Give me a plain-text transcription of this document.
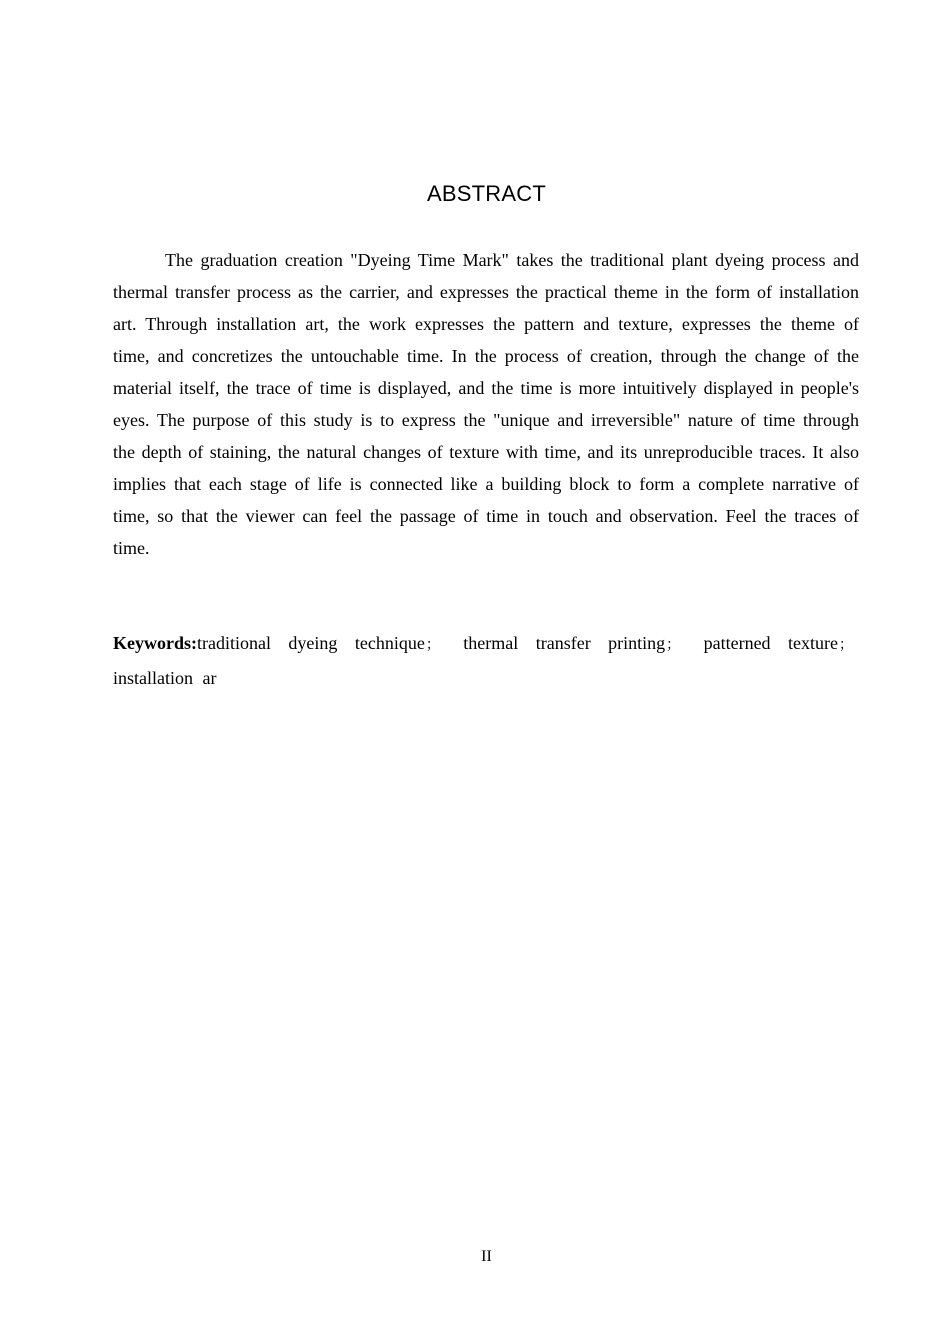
ABSTRACT

The graduation creation "Dyeing Time Mark" takes the traditional plant dyeing process and thermal transfer process as the carrier, and expresses the practical theme in the form of installation art. Through installation art, the work expresses the pattern and texture, expresses the theme of time, and concretizes the untouchable time. In the process of creation, through the change of the material itself, the trace of time is displayed, and the time is more intuitively displayed in people's eyes. The purpose of this study is to express the "unique and irreversible" nature of time through the depth of staining, the natural changes of texture with time, and its unreproducible traces. It also implies that each stage of life is connected like a building block to form a complete narrative of time, so that the viewer can feel the passage of time in touch and observation. Feel the traces of time.

Keywords:traditional dyeing technique； thermal transfer printing； patterned texture； installation ar

II
